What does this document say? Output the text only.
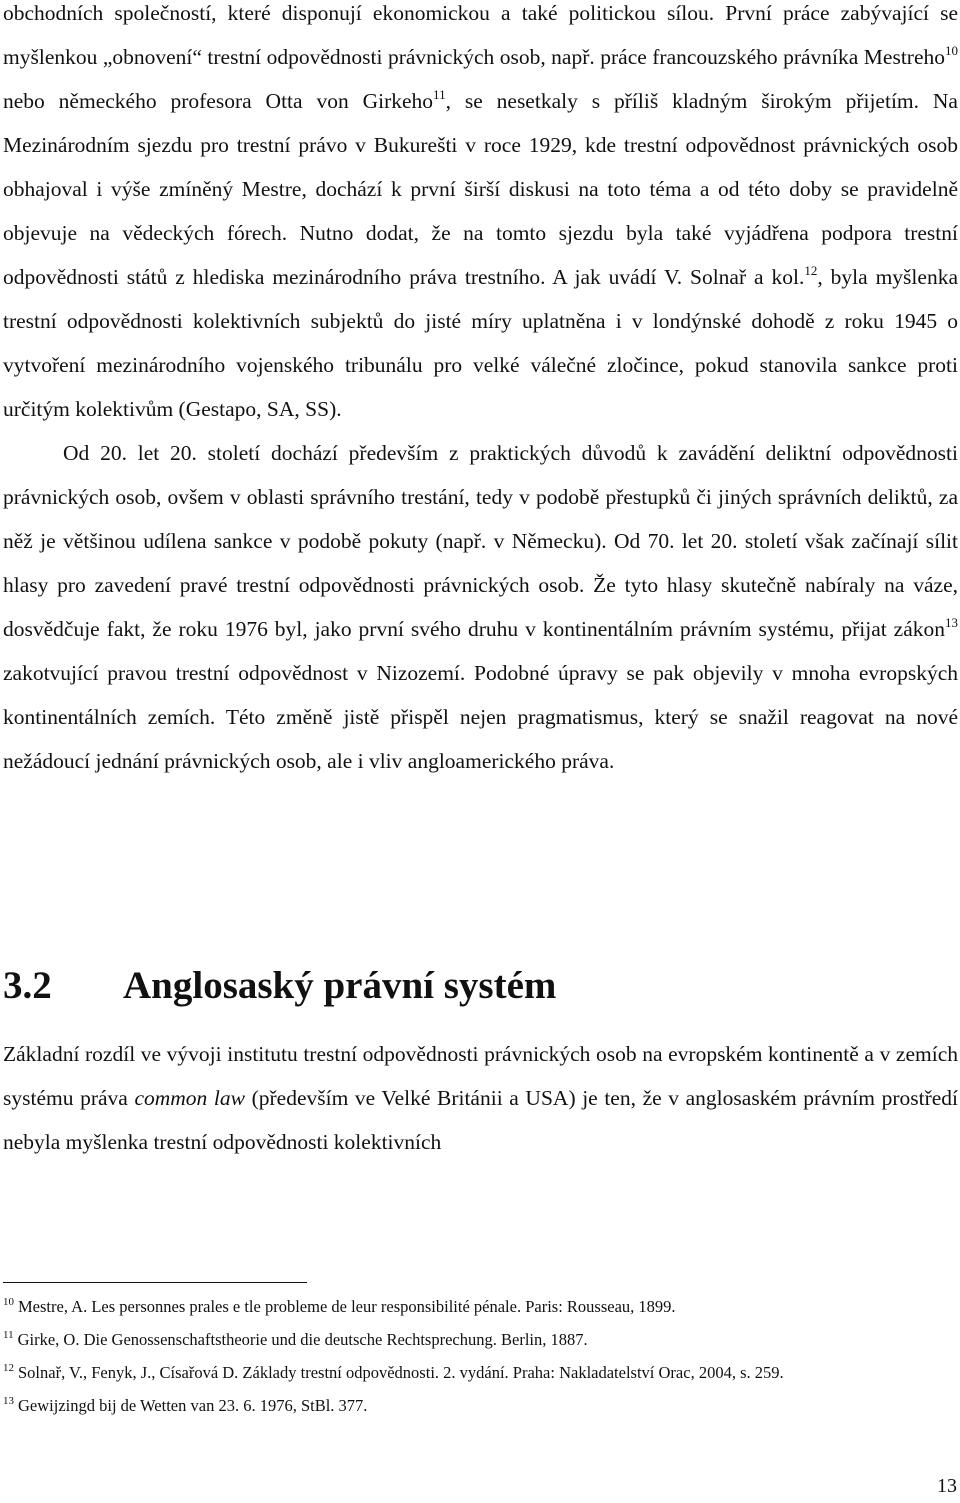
obchodních společností, které disponují ekonomickou a také politickou sílou. První práce zabývající se myšlenkou „obnovení“ trestní odpovědnosti právnických osob, např. práce francouzského právníka Mestreho$^{10}$ nebo německého profesora Otta von Girkeho$^{11}$, se nesetkaly s příliš kladným širokým přijetím. Na Mezinárodním sjezdu pro trestní právo v Bukurešti v roce 1929, kde trestní odpovědnost právnických osob obhajoval i výše zmíněný Mestre, dochází k první širší diskusi na toto téma a od této doby se pravidelně objevuje na vědeckých fórech. Nutno dodat, že na tomto sjezdu byla také vyjádřena podpora trestní odpovědnosti států z hlediska mezinárodního práva trestního. A jak uvádí V. Solnař a kol.$^{12}$, byla myšlenka trestní odpovědnosti kolektivních subjektů do jisté míry uplatněna i v londýnské dohodě z roku 1945 o vytvoření mezinárodního vojenského tribunálu pro velké válečné zločince, pokud stanovila sankce proti určitým kolektivům (Gestapo, SA, SS).

Od 20. let 20. století dochází především z praktických důvodů k zavádění deliktní odpovědnosti právnických osob, ovšem v oblasti správního trestání, tedy v podobě přestupků či jiných správních deliktů, za něž je většinou udílena sankce v podobě pokuty (např. v Německu). Od 70. let 20. století však začínají sílit hlasy pro zavedení pravé trestní odpovědnosti právnických osob. Že tyto hlasy skutečně nabíraly na váze, dosvědčuje fakt, že roku 1976 byl, jako první svého druhu v kontinentálním právním systému, přijat zákon$^{13}$ zakotvující pravou trestní odpovědnost v Nizozemí. Podobné úpravy se pak objevily v mnoha evropských kontinentálních zemích. Této změně jistě přispěl nejen pragmatismus, který se snažil reagovat na nové nežádoucí jednání právnických osob, ale i vliv angloamerického práva.

3.2 Anglosaský právní systém

Základní rozdíl ve vývoji institutu trestní odpovědnosti právnických osob na evropském kontinentě a v zemích systému práva common law (především ve Velké Británii a USA) je ten, že v anglosaském právním prostředí nebyla myšlenka trestní odpovědnosti kolektivních

$^{10}$ Mestre, A. Les personnes prales e tle probleme de leur responsibilité pénale. Paris: Rousseau, 1899.

$^{11}$ Girke, O. Die Genossenschaftstheorie und die deutsche Rechtsprechung. Berlin, 1887.

$^{12}$ Solnař, V., Fenyk, J., Císařová D. Základy trestní odpovědnosti. 2. vydání. Praha: Nakladatelství Orac, 2004, s. 259.

$^{13}$ Gewijzingd bij de Wetten van 23. 6. 1976, StBl. 377.

13
